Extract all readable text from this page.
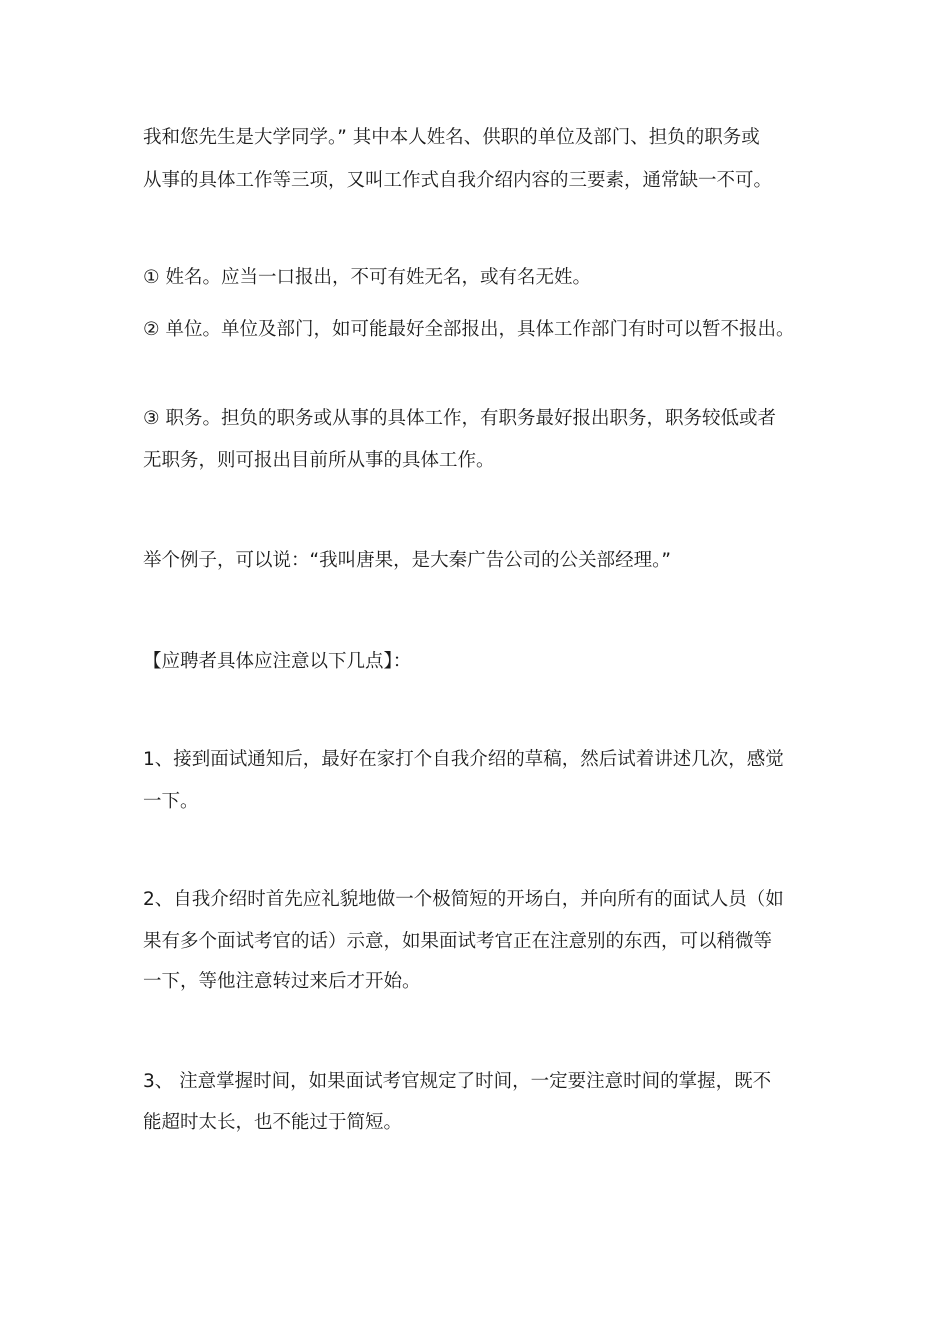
我和您先生是大学同学。” 其中本人姓名、供职的单位及部门、担负的职务或
从事的具体工作等三项，又叫工作式自我介绍内容的三要素，通常缺一不可。
① 姓名。应当一口报出，不可有姓无名，或有名无姓。
② 单位。单位及部门，如可能最好全部报出，具体工作部门有时可以暂不报出。
③ 职务。担负的职务或从事的具体工作，有职务最好报出职务，职务较低或者
无职务，则可报出目前所从事的具体工作。
举个例子，可以说：“我叫唐果，是大秦广告公司的公关部经理。”
【应聘者具体应注意以下几点】：
1、接到面试通知后，最好在家打个自我介绍的草稿，然后试着讲述几次，感觉
一下。
2、自我介绍时首先应礼貌地做一个极简短的开场白，并向所有的面试人员（如
果有多个面试考官的话）示意，如果面试考官正在注意别的东西，可以稍微等
一下，等他注意转过来后才开始。
3、 注意掌握时间，如果面试考官规定了时间，一定要注意时间的掌握，既不
能超时太长，也不能过于简短。
